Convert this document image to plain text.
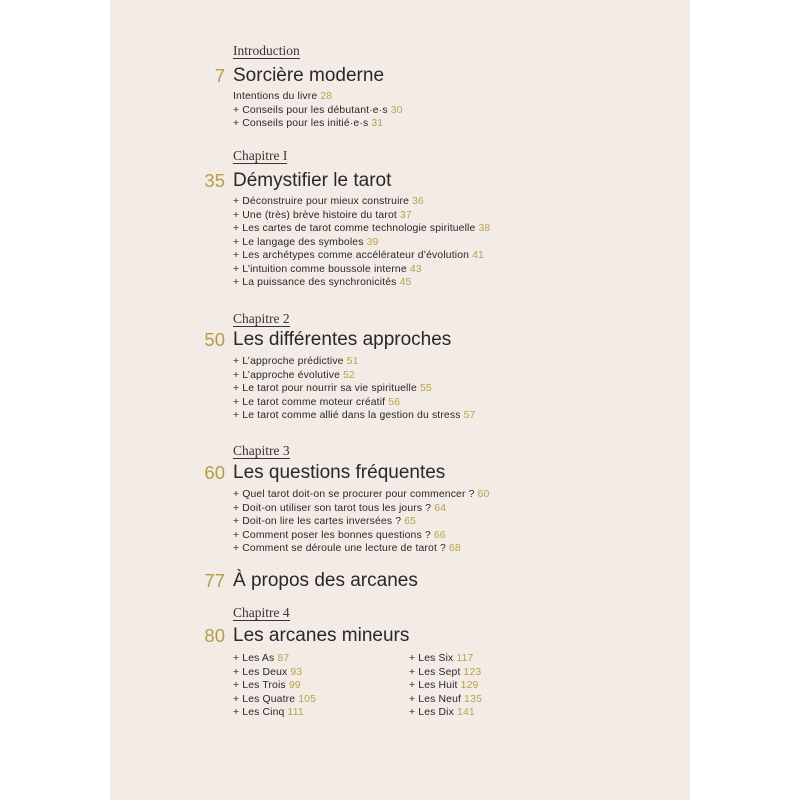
Introduction
7 Sorcière moderne
Intentions du livre 28
+ Conseils pour les débutant·e·s 30
+ Conseils pour les initié·e·s 31
Chapitre I
35 Démystifier le tarot
+ Déconstruire pour mieux construire 36
+ Une (très) brève histoire du tarot 37
+ Les cartes de tarot comme technologie spirituelle 38
+ Le langage des symboles 39
+ Les archétypes comme accélérateur d’évolution 41
+ L’intuition comme boussole interne 43
+ La puissance des synchronicités 45
Chapitre 2
50 Les différentes approches
+ L’approche prédictive 51
+ L’approche évolutive 52
+ Le tarot pour nourrir sa vie spirituelle 55
+ Le tarot comme moteur créatif 56
+ Le tarot comme allié dans la gestion du stress 57
Chapitre 3
60 Les questions fréquentes
+ Quel tarot doit-on se procurer pour commencer ? 60
+ Doit-on utiliser son tarot tous les jours ? 64
+ Doit-on lire les cartes inversées ? 65
+ Comment poser les bonnes questions ? 66
+ Comment se déroule une lecture de tarot ? 68
77 À propos des arcanes
Chapitre 4
80 Les arcanes mineurs
+ Les As 87
+ Les Deux 93
+ Les Trois 99
+ Les Quatre 105
+ Les Cinq 111
+ Les Six 117
+ Les Sept 123
+ Les Huit 129
+ Les Neuf 135
+ Les Dix 141
